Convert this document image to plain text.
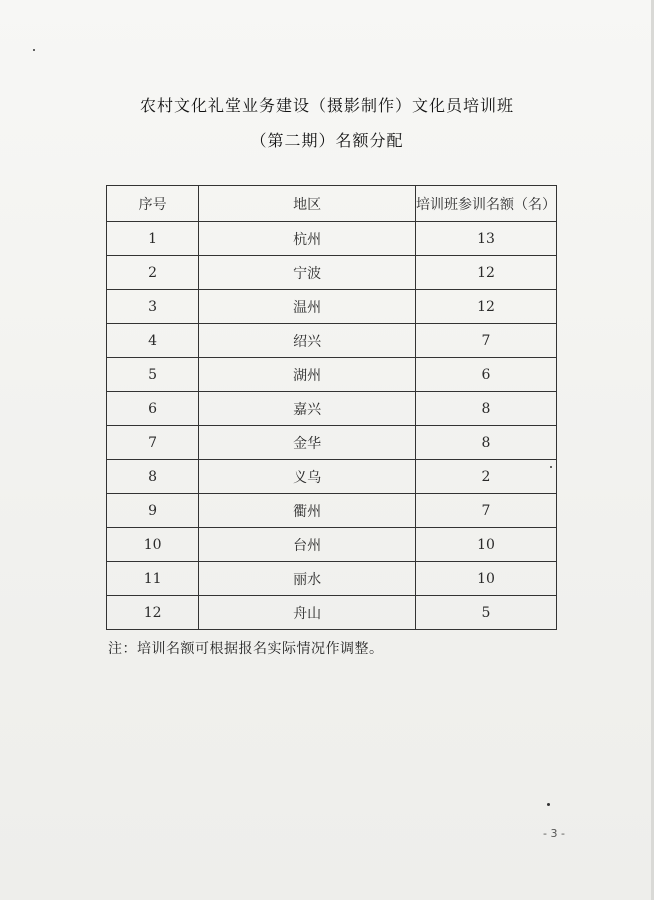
农村文化礼堂业务建设（摄影制作）文化员培训班
（第二期）名额分配
序号	地区	培训班参训名额（名）
1	杭州	13
2	宁波	12
3	温州	12
4	绍兴	7
5	湖州	6
6	嘉兴	8
7	金华	8
8	义乌	2
9	衢州	7
10	台州	10
11	丽水	10
12	舟山	5
注：培训名额可根据报名实际情况作调整。
- 3 -
